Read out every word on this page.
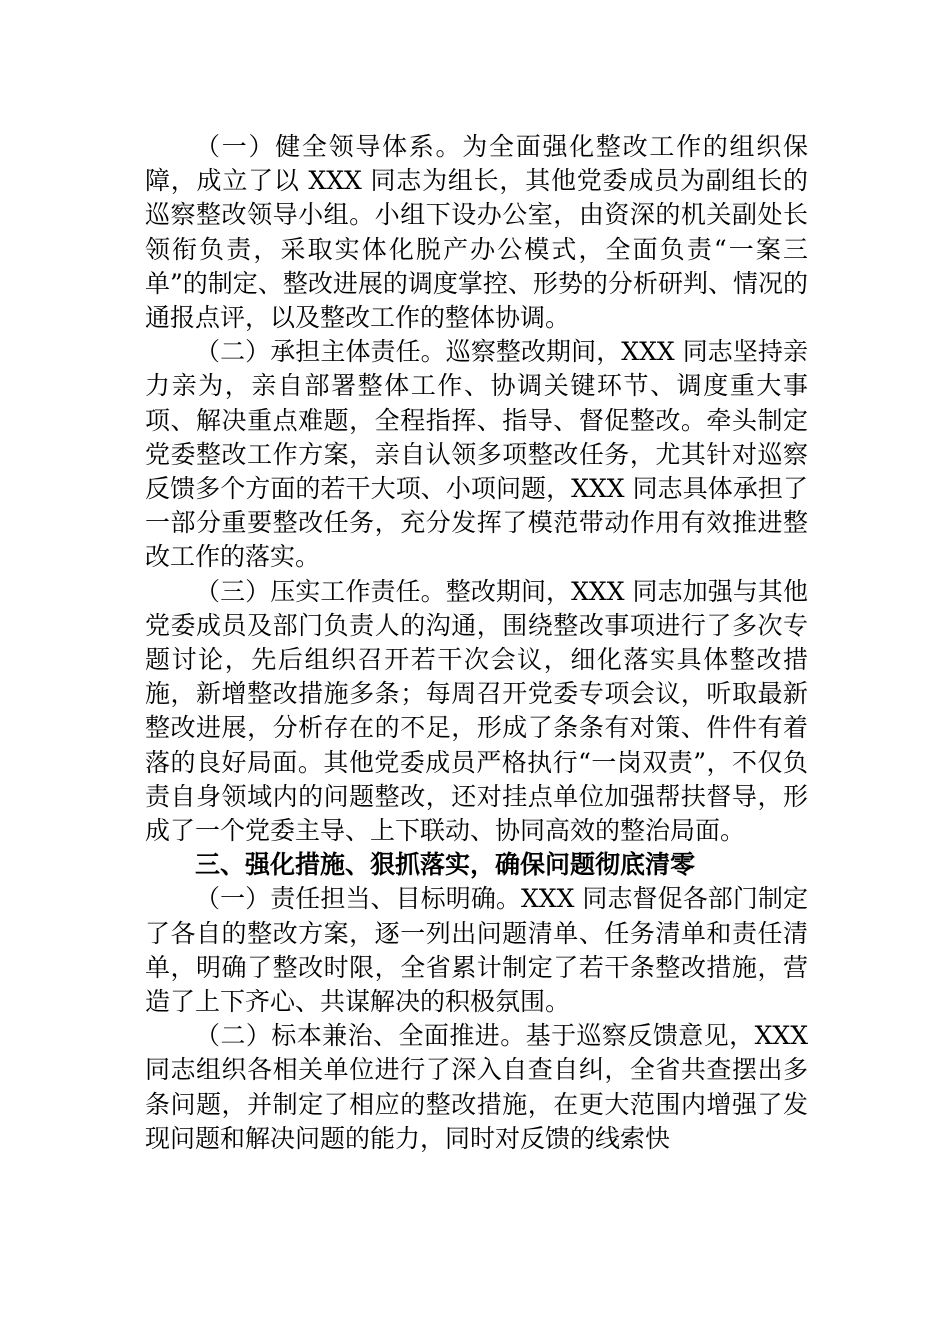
（一）健全领导体系。为全面强化整改工作的组织保障，成立了以 XXX 同志为组长，其他党委成员为副组长的巡察整改领导小组。小组下设办公室，由资深的机关副处长领衔负责，采取实体化脱产办公模式，全面负责“一案三单”的制定、整改进展的调度掌控、形势的分析研判、情况的通报点评，以及整改工作的整体协调。

（二）承担主体责任。巡察整改期间，XXX 同志坚持亲力亲为，亲自部署整体工作、协调关键环节、调度重大事项、解决重点难题，全程指挥、指导、督促整改。牵头制定党委整改工作方案，亲自认领多项整改任务，尤其针对巡察反馈多个方面的若干大项、小项问题，XXX 同志具体承担了一部分重要整改任务，充分发挥了模范带动作用有效推进整改工作的落实。

（三）压实工作责任。整改期间，XXX 同志加强与其他党委成员及部门负责人的沟通，围绕整改事项进行了多次专题讨论，先后组织召开若干次会议，细化落实具体整改措施，新增整改措施多条；每周召开党委专项会议，听取最新整改进展，分析存在的不足，形成了条条有对策、件件有着落的良好局面。其他党委成员严格执行“一岗双责”，不仅负责自身领域内的问题整改，还对挂点单位加强帮扶督导，形成了一个党委主导、上下联动、协同高效的整治局面。

三、强化措施、狠抓落实，确保问题彻底清零

（一）责任担当、目标明确。XXX 同志督促各部门制定了各自的整改方案，逐一列出问题清单、任务清单和责任清单，明确了整改时限，全省累计制定了若干条整改措施，营造了上下齐心、共谋解决的积极氛围。

（二）标本兼治、全面推进。基于巡察反馈意见，XXX 同志组织各相关单位进行了深入自查自纠，全省共查摆出多条问题，并制定了相应的整改措施，在更大范围内增强了发现问题和解决问题的能力，同时对反馈的线索快
